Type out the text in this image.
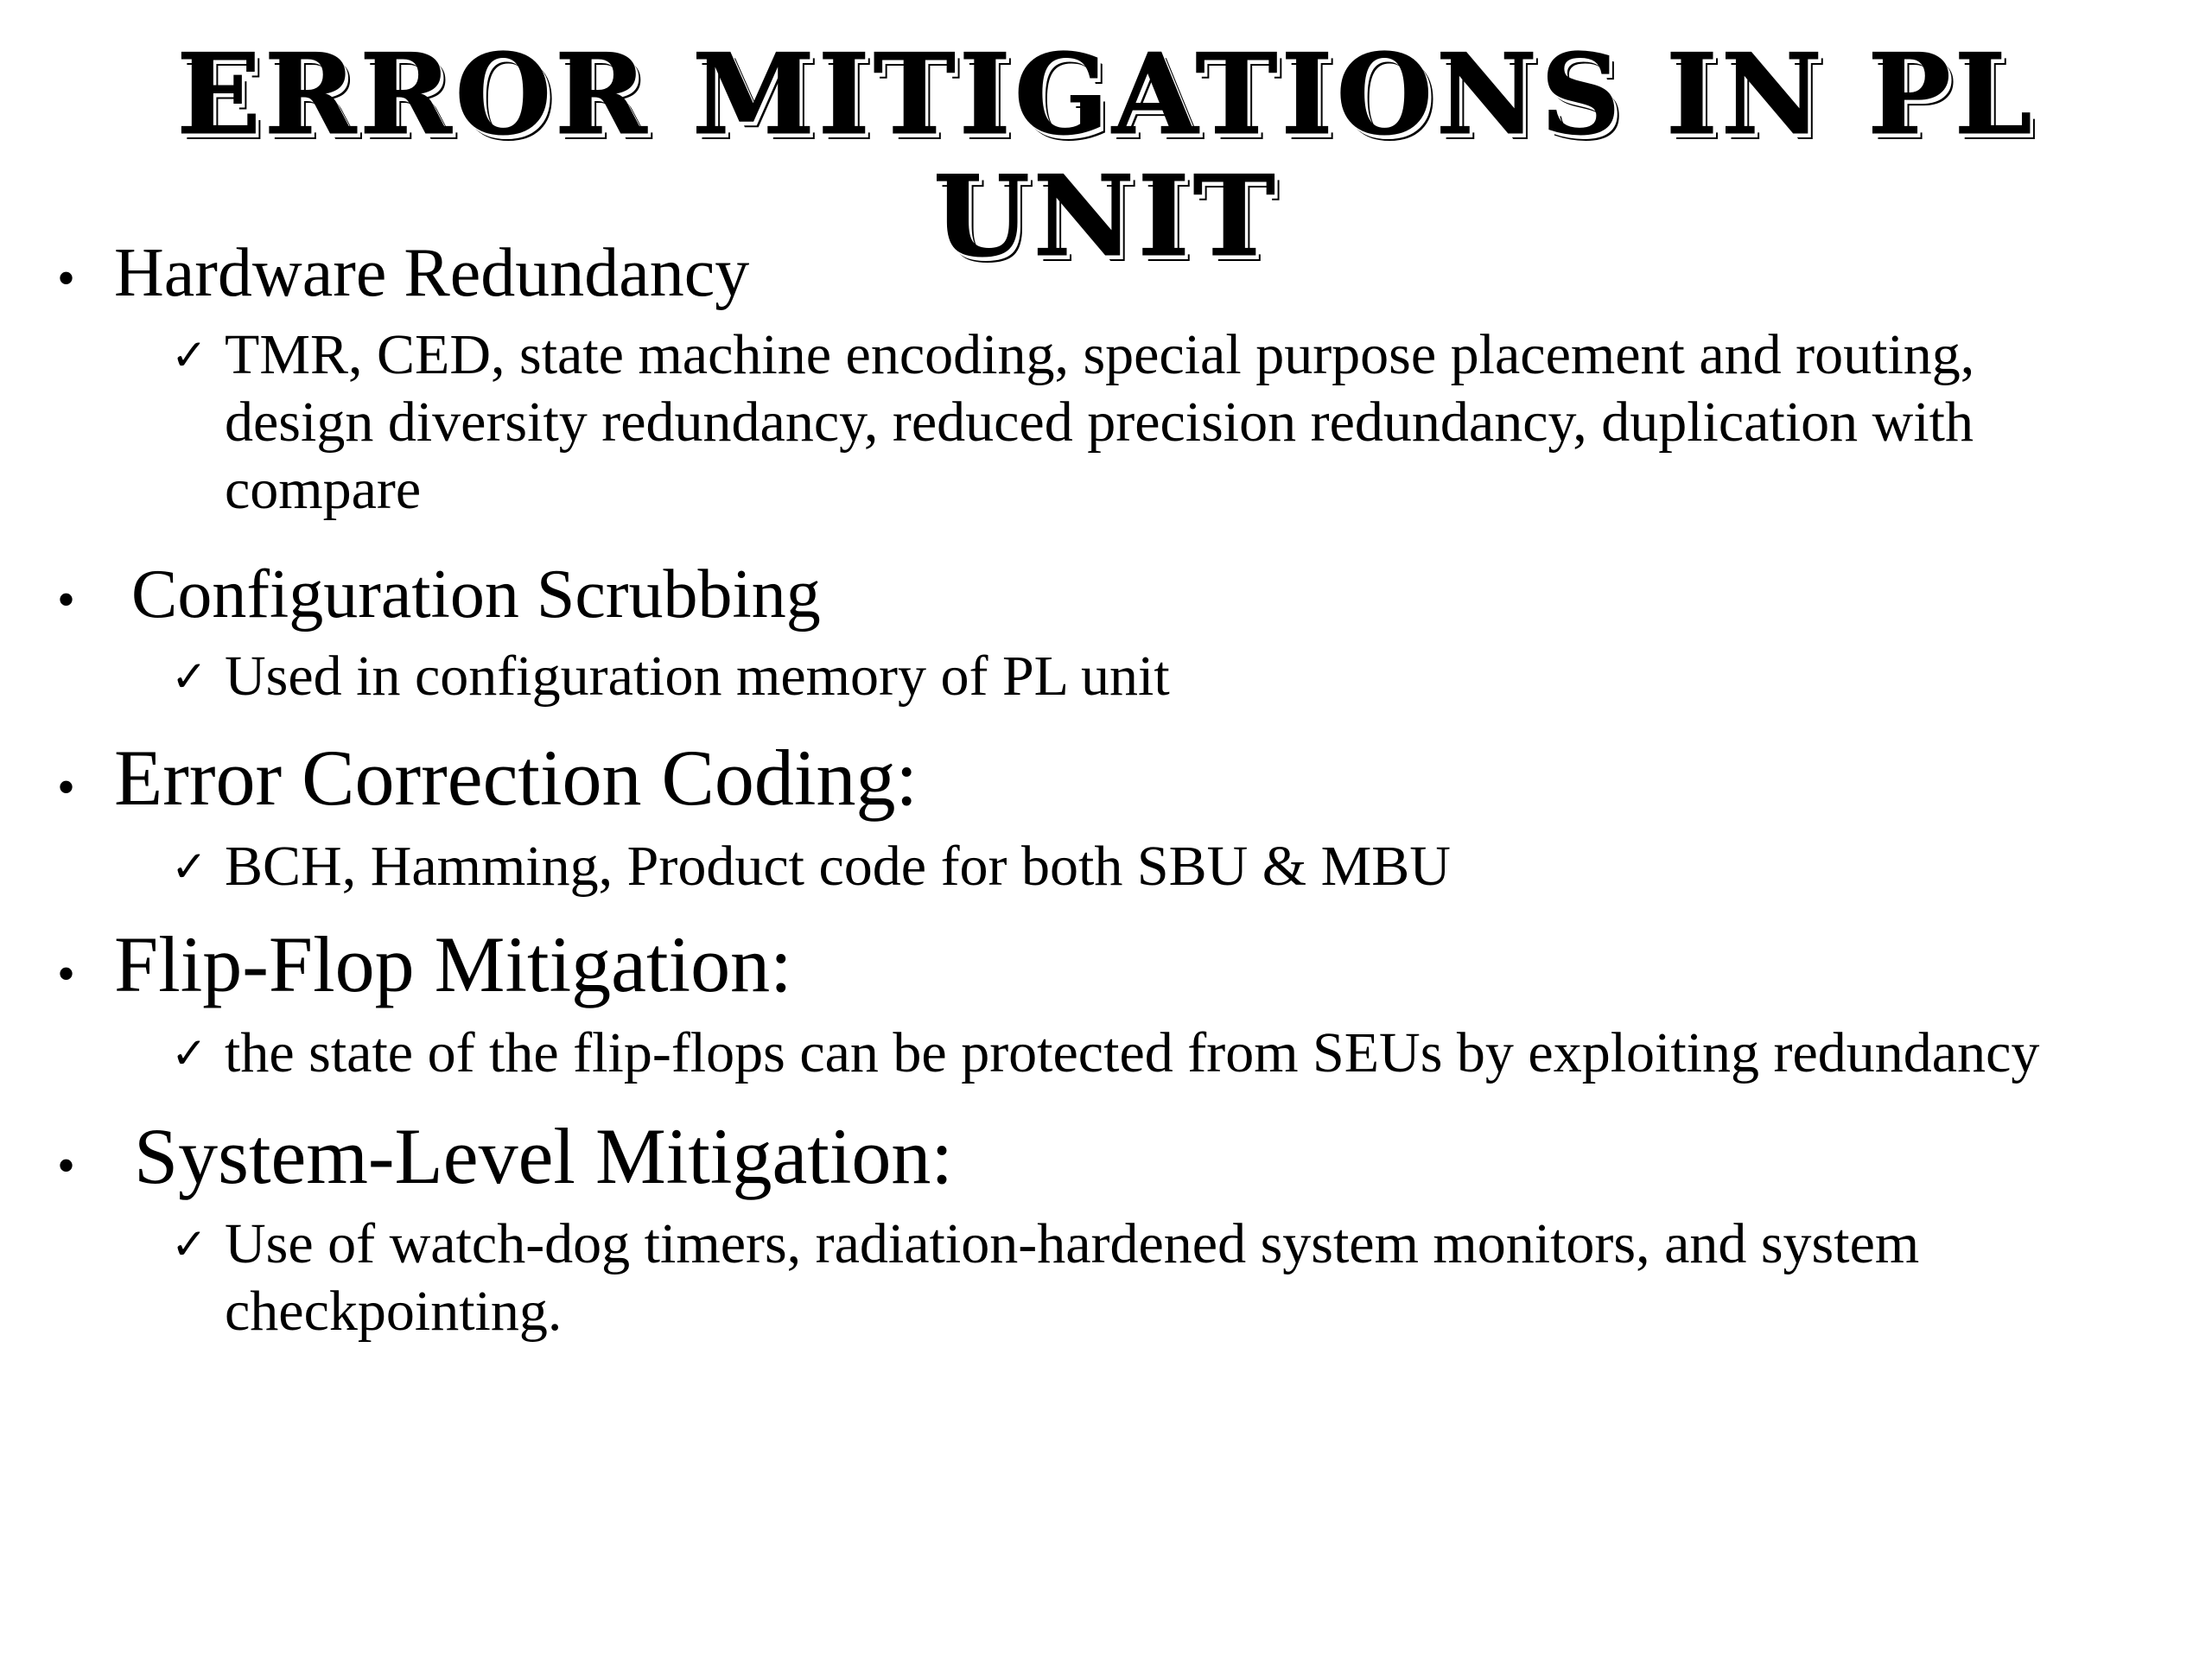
ERROR MITIGATIONS IN PL UNIT
• Hardware Redundancy
✓ TMR, CED, state machine encoding, special purpose placement and routing, design diversity redundancy, reduced precision redundancy, duplication with compare
• Configuration Scrubbing
✓ Used in configuration memory of PL unit
• Error Correction Coding:
✓ BCH, Hamming, Product code for both SBU & MBU
• Flip-Flop Mitigation:
✓ the state of the flip-flops can be protected from SEUs by exploiting redundancy
• System-Level Mitigation:
✓ Use of watch-dog timers, radiation-hardened system monitors, and system checkpointing.
